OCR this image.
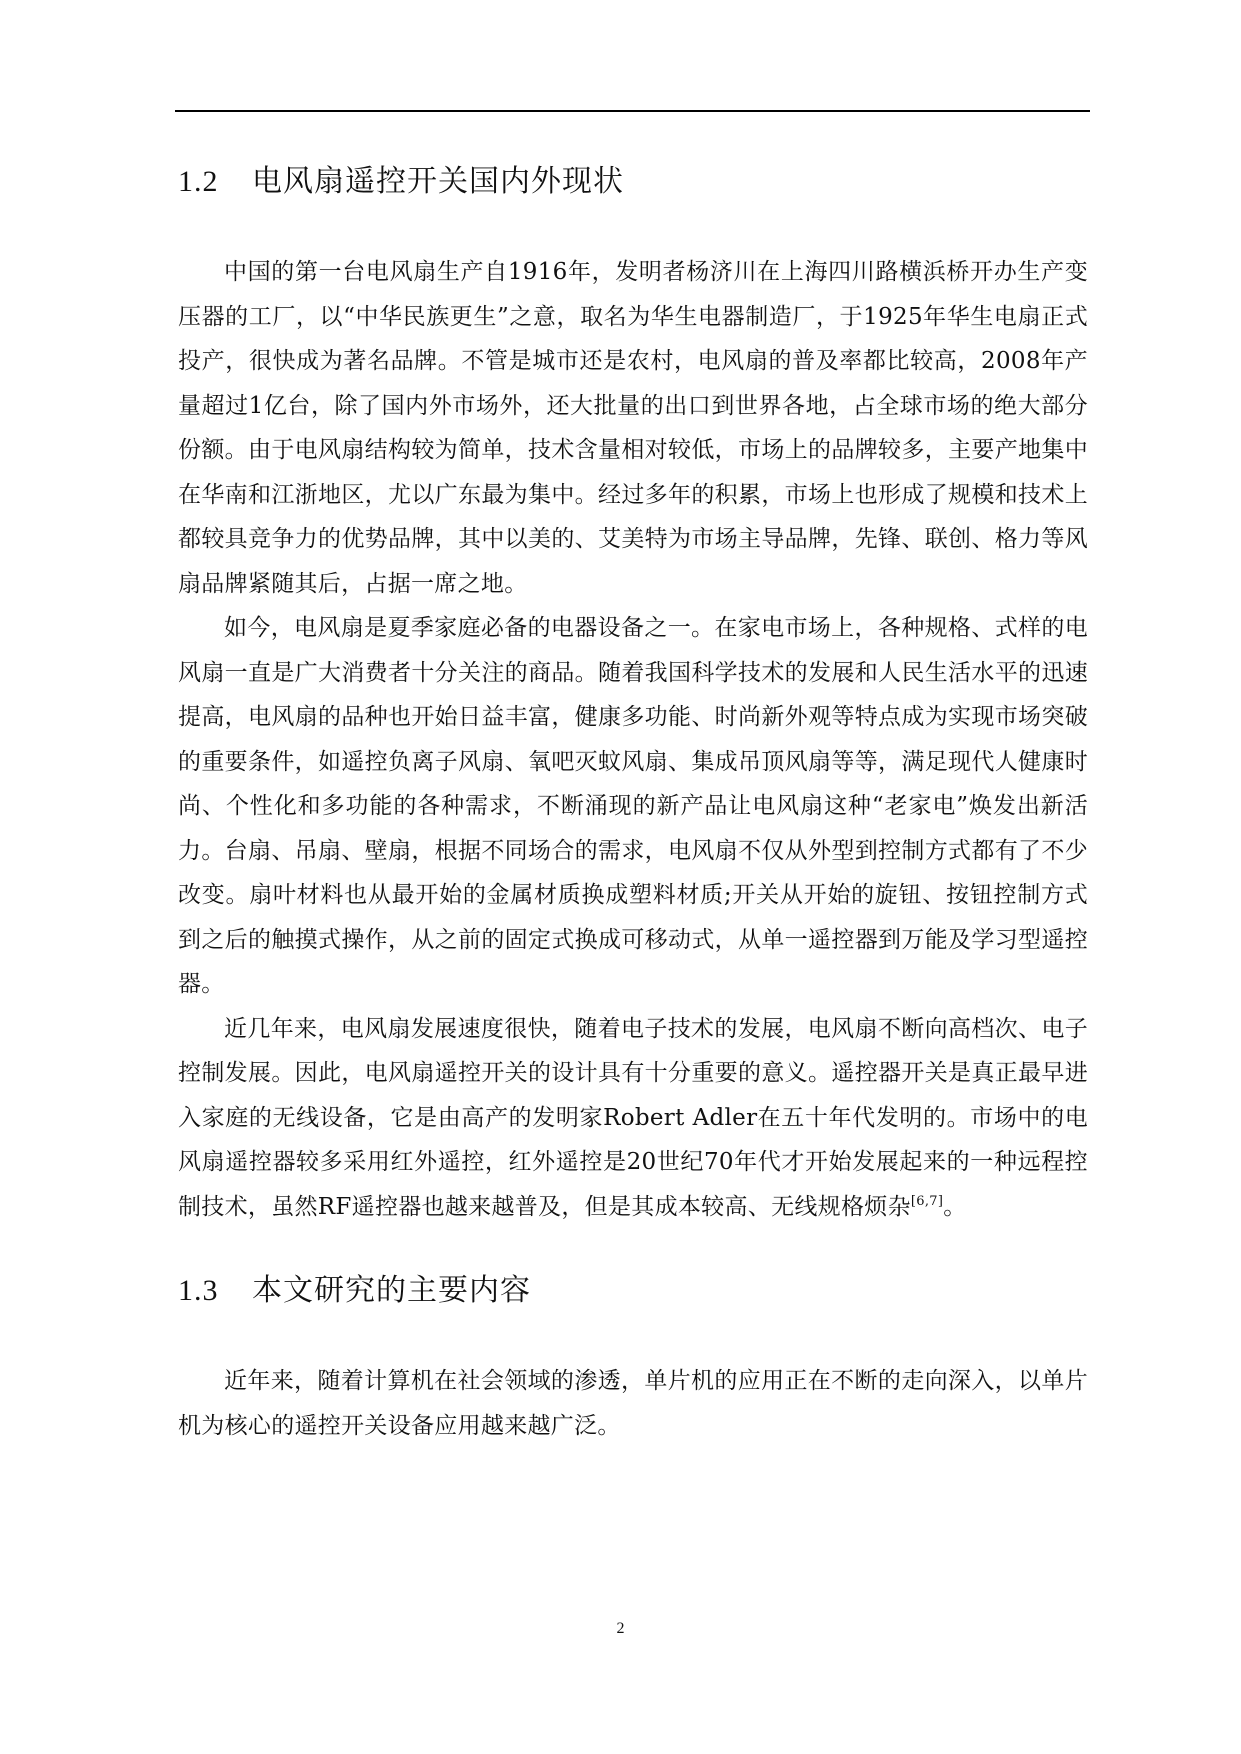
1.2 电风扇遥控开关国内外现状

中国的第一台电风扇生产自1916年，发明者杨济川在上海四川路横浜桥开办生产变压器的工厂，以“中华民族更生”之意，取名为华生电器制造厂，于1925年华生电扇正式投产，很快成为著名品牌。不管是城市还是农村，电风扇的普及率都比较高，2008年产量超过1亿台，除了国内外市场外，还大批量的出口到世界各地，占全球市场的绝大部分份额。由于电风扇结构较为简单，技术含量相对较低，市场上的品牌较多，主要产地集中在华南和江浙地区，尤以广东最为集中。经过多年的积累，市场上也形成了规模和技术上都较具竞争力的优势品牌，其中以美的、艾美特为市场主导品牌，先锋、联创、格力等风扇品牌紧随其后，占据一席之地。

如今，电风扇是夏季家庭必备的电器设备之一。在家电市场上，各种规格、式样的电风扇一直是广大消费者十分关注的商品。随着我国科学技术的发展和人民生活水平的迅速提高，电风扇的品种也开始日益丰富，健康多功能、时尚新外观等特点成为实现市场突破的重要条件，如遥控负离子风扇、氧吧灭蚊风扇、集成吊顶风扇等等，满足现代人健康时尚、个性化和多功能的各种需求，不断涌现的新产品让电风扇这种“老家电”焕发出新活力。台扇、吊扇、壁扇，根据不同场合的需求，电风扇不仅从外型到控制方式都有了不少改变。扇叶材料也从最开始的金属材质换成塑料材质;开关从开始的旋钮、按钮控制方式到之后的触摸式操作，从之前的固定式换成可移动式，从单一遥控器到万能及学习型遥控器。

近几年来，电风扇发展速度很快，随着电子技术的发展，电风扇不断向高档次、电子控制发展。因此，电风扇遥控开关的设计具有十分重要的意义。遥控器开关是真正最早进入家庭的无线设备，它是由高产的发明家Robert Adler在五十年代发明的。市场中的电风扇遥控器较多采用红外遥控，红外遥控是20世纪70年代才开始发展起来的一种远程控制技术，虽然RF遥控器也越来越普及，但是其成本较高、无线规格烦杂[6,7]。

1.3 本文研究的主要内容

近年来，随着计算机在社会领域的渗透，单片机的应用正在不断的走向深入，以单片机为核心的遥控开关设备应用越来越广泛。

2
